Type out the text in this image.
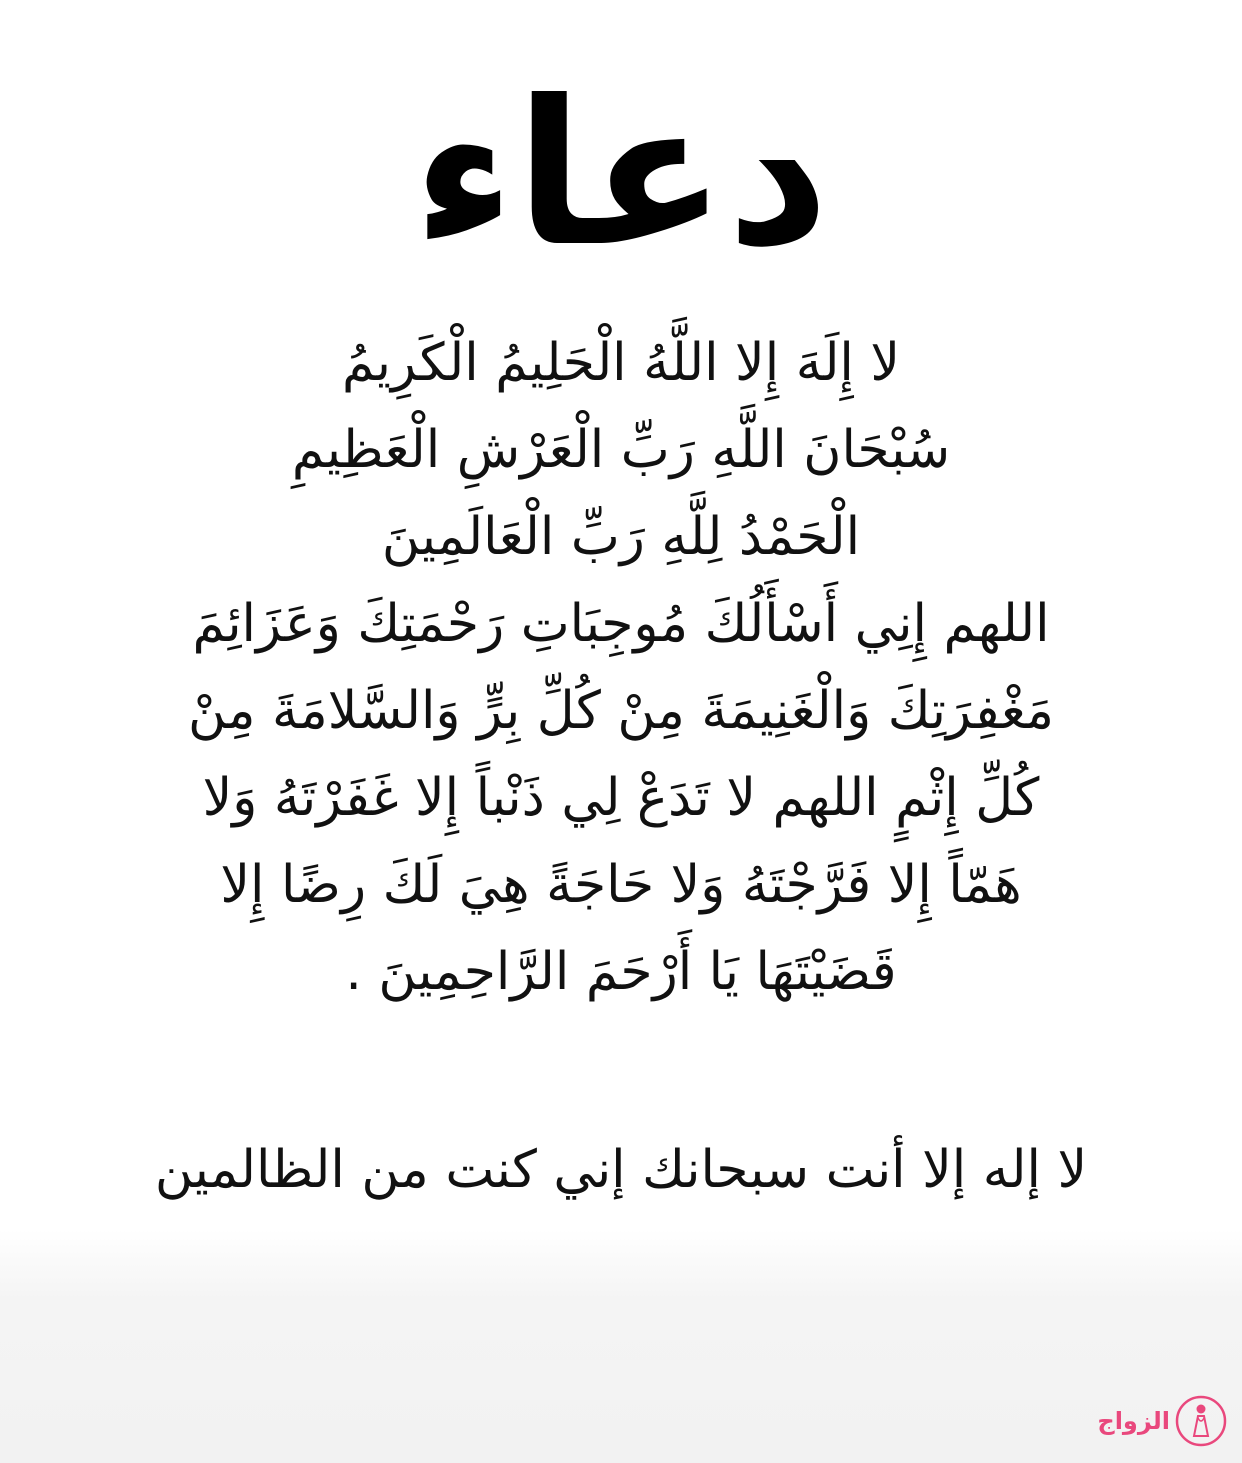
دعاء
لا إِلَهَ إِلا اللَّهُ الْحَلِيمُ الْكَرِيمُ
سُبْحَانَ اللَّهِ رَبِّ الْعَرْشِ الْعَظِيمِ
الْحَمْدُ لِلَّهِ رَبِّ الْعَالَمِينَ
اللهم إِنِي أَسْأَلُكَ مُوجِبَاتِ رَحْمَتِكَ وَعَزَائِمَ
مَغْفِرَتِكَ وَالْغَنِيمَةَ مِنْ كُلِّ بِرٍّ وَالسَّلامَةَ مِنْ
كُلِّ إِثْمٍ اللهم لا تَدَعْ لِي ذَنْباً إِلا غَفَرْتَهُ وَلا
هَمّاً إِلا فَرَّجْتَهُ وَلا حَاجَةً هِيَ لَكَ رِضًا إِلا
قَضَيْتَهَا يَا أَرْحَمَ الرَّاحِمِينَ .
لا إله إلا أنت سبحانك إني كنت من الظالمين
الزواج
